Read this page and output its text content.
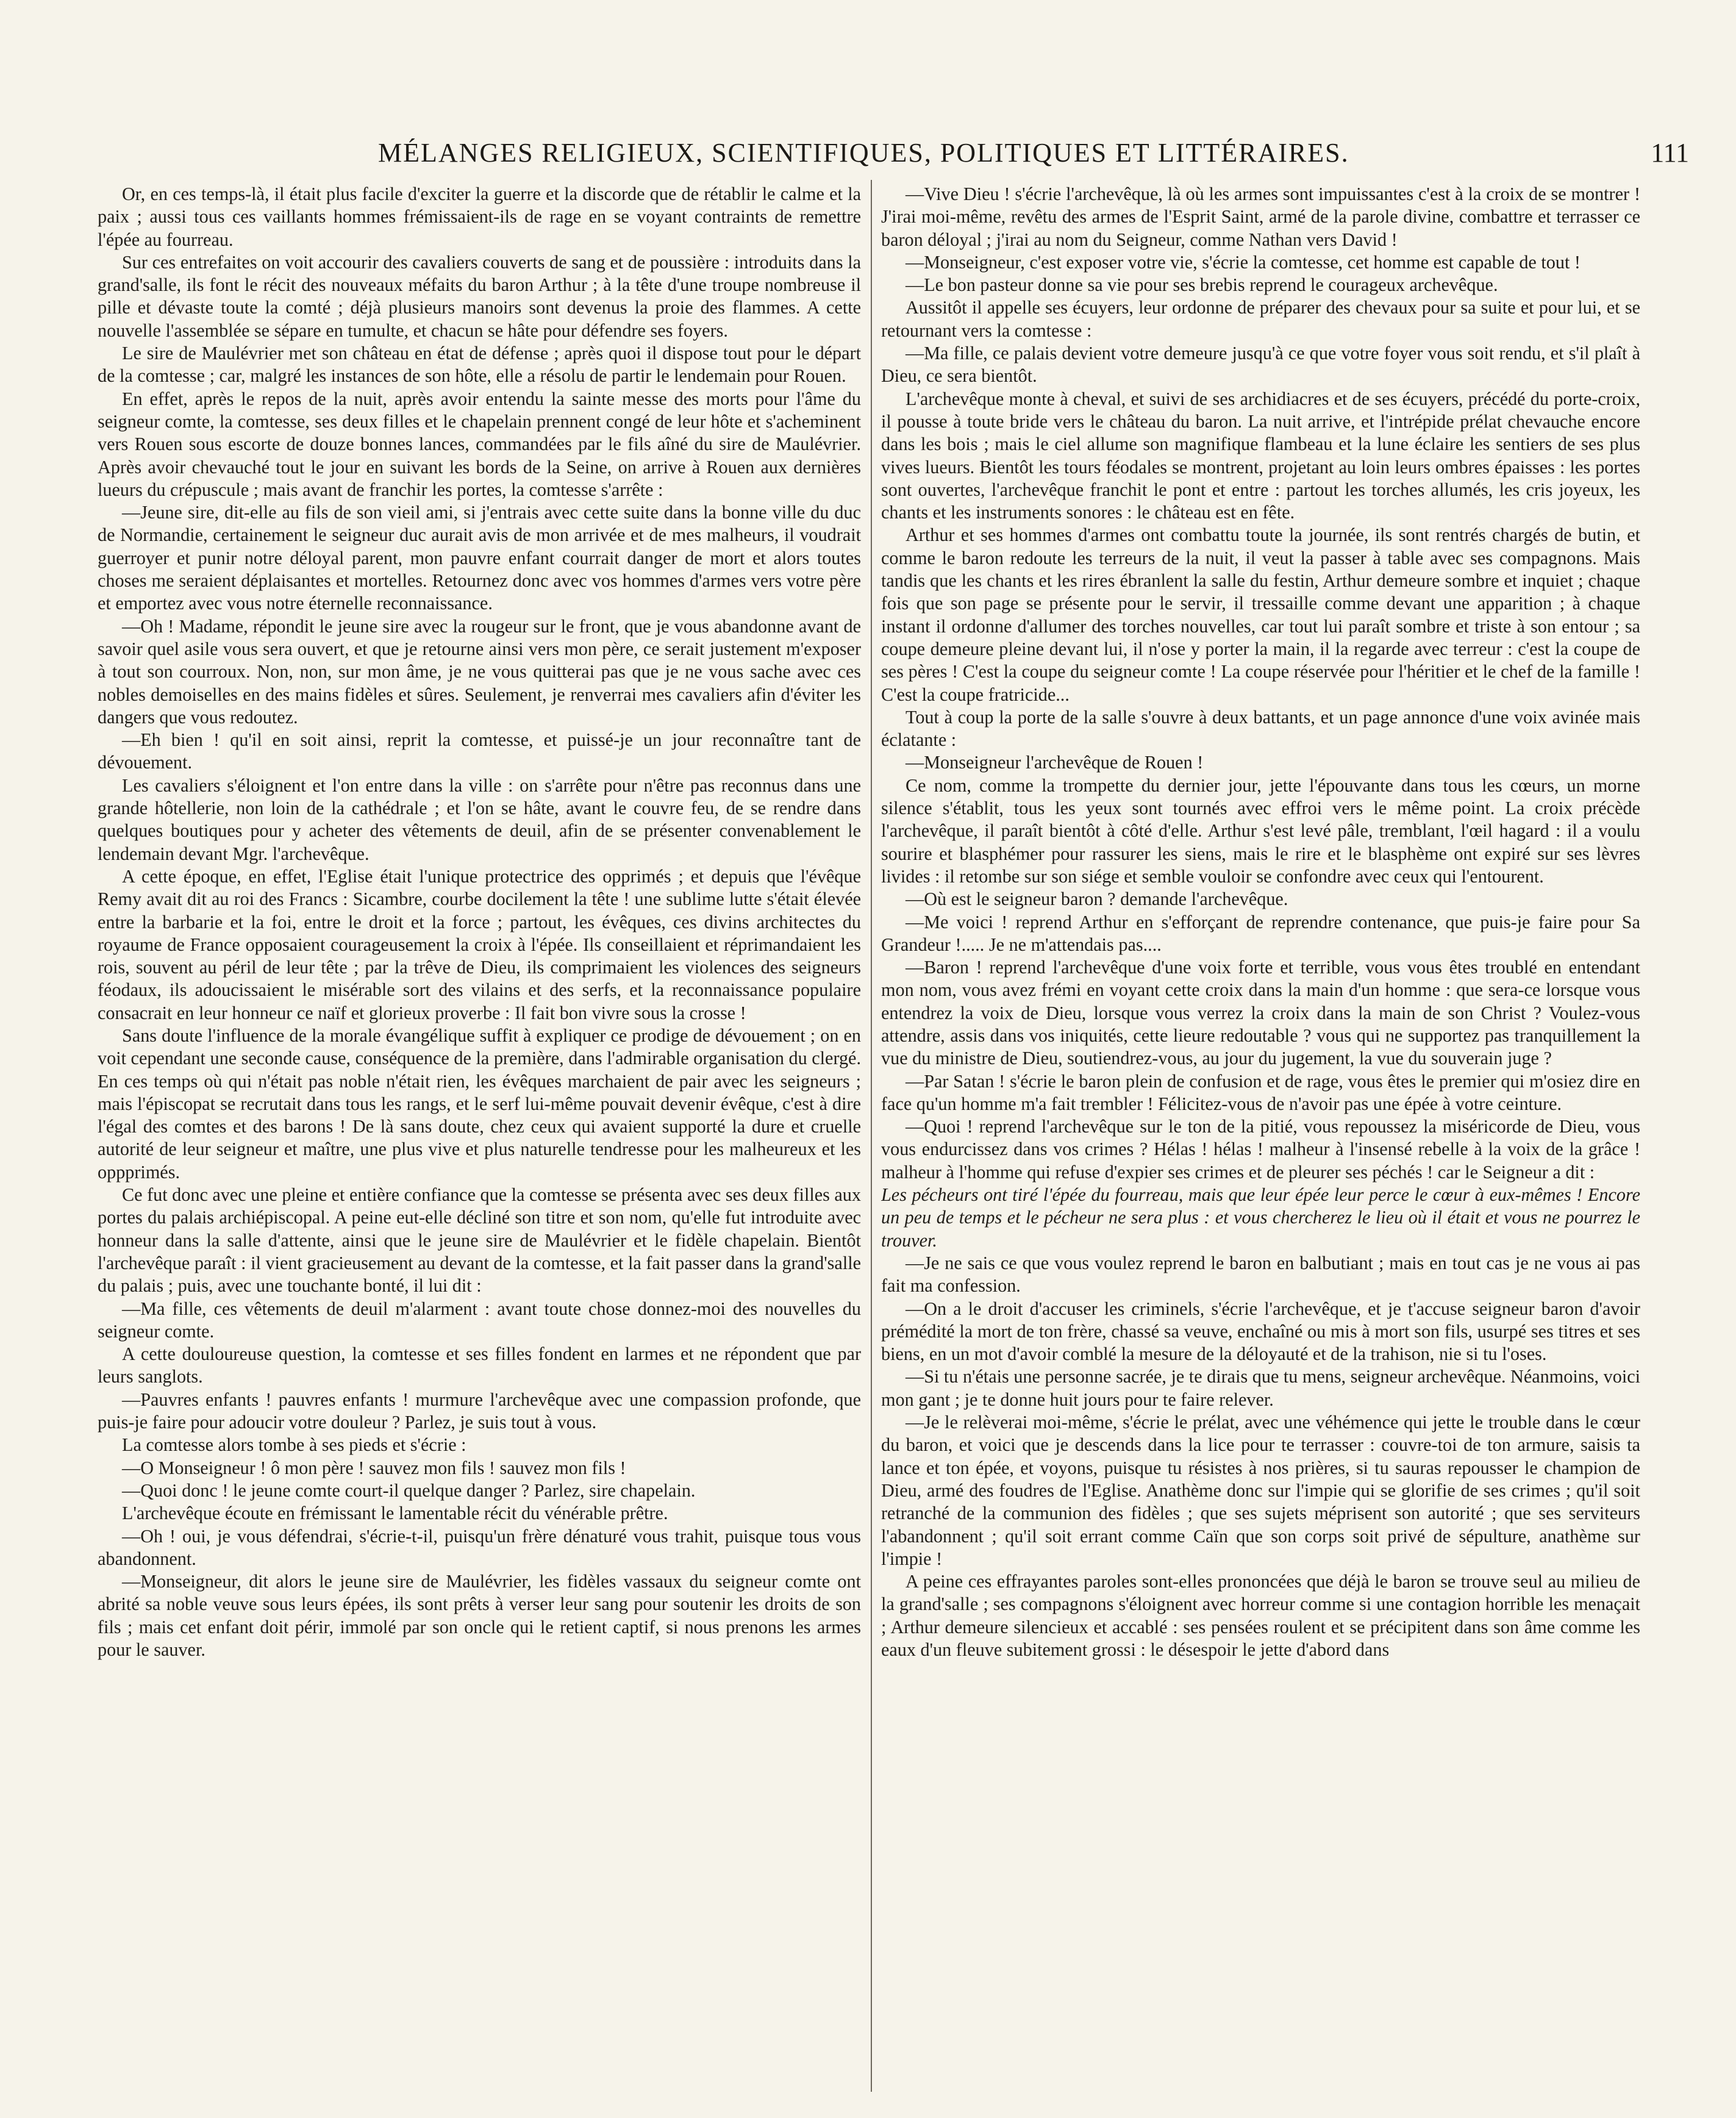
MÉLANGES RELIGIEUX, SCIENTIFIQUES, POLITIQUES ET LITTÉRAIRES.	111

Or, en ces temps-là, il était plus facile d'exciter la guerre et la discorde que de rétablir le calme et la paix ; aussi tous ces vaillants hommes frémissaient-ils de rage en se voyant contraints de remettre l'épée au fourreau.

Sur ces entrefaites on voit accourir des cavaliers couverts de sang et de poussière : introduits dans la grand'salle, ils font le récit des nouveaux méfaits du baron Arthur ; à la tête d'une troupe nombreuse il pille et dévaste toute la comté ; déjà plusieurs manoirs sont devenus la proie des flammes. A cette nouvelle l'assemblée se sépare en tumulte, et chacun se hâte pour défendre ses foyers.

Le sire de Maulévrier met son château en état de défense ; après quoi il dispose tout pour le départ de la comtesse ; car, malgré les instances de son hôte, elle a résolu de partir le lendemain pour Rouen.

En effet, après le repos de la nuit, après avoir entendu la sainte messe des morts pour l'âme du seigneur comte, la comtesse, ses deux filles et le chapelain prennent congé de leur hôte et s'acheminent vers Rouen sous escorte de douze bonnes lances, commandées par le fils aîné du sire de Maulévrier. Après avoir chevauché tout le jour en suivant les bords de la Seine, on arrive à Rouen aux dernières lueurs du crépuscule ; mais avant de franchir les portes, la comtesse s'arrête :

—Jeune sire, dit-elle au fils de son vieil ami, si j'entrais avec cette suite dans la bonne ville du duc de Normandie, certainement le seigneur duc aurait avis de mon arrivée et de mes malheurs, il voudrait guerroyer et punir notre déloyal parent, mon pauvre enfant courrait danger de mort et alors toutes choses me seraient déplaisantes et mortelles. Retournez donc avec vos hommes d'armes vers votre père et emportez avec vous notre éternelle reconnaissance.

—Oh ! Madame, répondit le jeune sire avec la rougeur sur le front, que je vous abandonne avant de savoir quel asile vous sera ouvert, et que je retourne ainsi vers mon père, ce serait justement m'exposer à tout son courroux. Non, non, sur mon âme, je ne vous quitterai pas que je ne vous sache avec ces nobles demoiselles en des mains fidèles et sûres. Seulement, je renverrai mes cavaliers afin d'éviter les dangers que vous redoutez.

—Eh bien ! qu'il en soit ainsi, reprit la comtesse, et puissé-je un jour reconnaître tant de dévouement.

Les cavaliers s'éloignent et l'on entre dans la ville : on s'arrête pour n'être pas reconnus dans une grande hôtellerie, non loin de la cathédrale ; et l'on se hâte, avant le couvre feu, de se rendre dans quelques boutiques pour y acheter des vêtements de deuil, afin de se présenter convenablement le lendemain devant Mgr. l'archevêque.

A cette époque, en effet, l'Eglise était l'unique protectrice des opprimés ; et depuis que l'évêque Remy avait dit au roi des Francs : Sicambre, courbe docilement la tête ! une sublime lutte s'était élevée entre la barbarie et la foi, entre le droit et la force ; partout, les évêques, ces divins architectes du royaume de France opposaient courageusement la croix à l'épée. Ils conseillaient et réprimandaient les rois, souvent au péril de leur tête ; par la trêve de Dieu, ils comprimaient les violences des seigneurs féodaux, ils adoucissaient le misérable sort des vilains et des serfs, et la reconnaissance populaire consacrait en leur honneur ce naïf et glorieux proverbe : Il fait bon vivre sous la crosse !

Sans doute l'influence de la morale évangélique suffit à expliquer ce prodige de dévouement ; on en voit cependant une seconde cause, conséquence de la première, dans l'admirable organisation du clergé. En ces temps où qui n'était pas noble n'était rien, les évêques marchaient de pair avec les seigneurs ; mais l'épiscopat se recrutait dans tous les rangs, et le serf lui-même pouvait devenir évêque, c'est à dire l'égal des comtes et des barons ! De là sans doute, chez ceux qui avaient supporté la dure et cruelle autorité de leur seigneur et maître, une plus vive et plus naturelle tendresse pour les malheureux et les oppprimés.

Ce fut donc avec une pleine et entière confiance que la comtesse se présenta avec ses deux filles aux portes du palais archiépiscopal. A peine eut-elle décliné son titre et son nom, qu'elle fut introduite avec honneur dans la salle d'attente, ainsi que le jeune sire de Maulévrier et le fidèle chapelain. Bientôt l'archevêque paraît : il vient gracieusement au devant de la comtesse, et la fait passer dans la grand'salle du palais ; puis, avec une touchante bonté, il lui dit :

—Ma fille, ces vêtements de deuil m'alarment : avant toute chose donnez-moi des nouvelles du seigneur comte.

A cette douloureuse question, la comtesse et ses filles fondent en larmes et ne répondent que par leurs sanglots.

—Pauvres enfants ! pauvres enfants ! murmure l'archevêque avec une compassion profonde, que puis-je faire pour adoucir votre douleur ? Parlez, je suis tout à vous.

La comtesse alors tombe à ses pieds et s'écrie :

—O Monseigneur ! ô mon père ! sauvez mon fils ! sauvez mon fils !

—Quoi donc ! le jeune comte court-il quelque danger ? Parlez, sire chapelain.

L'archevêque écoute en frémissant le lamentable récit du vénérable prêtre.

—Oh ! oui, je vous défendrai, s'écrie-t-il, puisqu'un frère dénaturé vous trahit, puisque tous vous abandonnent.

—Monseigneur, dit alors le jeune sire de Maulévrier, les fidèles vassaux du seigneur comte ont abrité sa noble veuve sous leurs épées, ils sont prêts à verser leur sang pour soutenir les droits de son fils ; mais cet enfant doit périr, immolé par son oncle qui le retient captif, si nous prenons les armes pour le sauver.

—Vive Dieu ! s'écrie l'archevêque, là où les armes sont impuissantes c'est à la croix de se montrer ! J'irai moi-même, revêtu des armes de l'Esprit Saint, armé de la parole divine, combattre et terrasser ce baron déloyal ; j'irai au nom du Seigneur, comme Nathan vers David !

—Monseigneur, c'est exposer votre vie, s'écrie la comtesse, cet homme est capable de tout !

—Le bon pasteur donne sa vie pour ses brebis reprend le courageux archevêque.

Aussitôt il appelle ses écuyers, leur ordonne de préparer des chevaux pour sa suite et pour lui, et se retournant vers la comtesse :

—Ma fille, ce palais devient votre demeure jusqu'à ce que votre foyer vous soit rendu, et s'il plaît à Dieu, ce sera bientôt.

L'archevêque monte à cheval, et suivi de ses archidiacres et de ses écuyers, précédé du porte-croix, il pousse à toute bride vers le château du baron. La nuit arrive, et l'intrépide prélat chevauche encore dans les bois ; mais le ciel allume son magnifique flambeau et la lune éclaire les sentiers de ses plus vives lueurs. Bientôt les tours féodales se montrent, projetant au loin leurs ombres épaisses : les portes sont ouvertes, l'archevêque franchit le pont et entre : partout les torches allumés, les cris joyeux, les chants et les instruments sonores : le château est en fête.

Arthur et ses hommes d'armes ont combattu toute la journée, ils sont rentrés chargés de butin, et comme le baron redoute les terreurs de la nuit, il veut la passer à table avec ses compagnons. Mais tandis que les chants et les rires ébranlent la salle du festin, Arthur demeure sombre et inquiet ; chaque fois que son page se présente pour le servir, il tressaille comme devant une apparition ; à chaque instant il ordonne d'allumer des torches nouvelles, car tout lui paraît sombre et triste à son entour ; sa coupe demeure pleine devant lui, il n'ose y porter la main, il la regarde avec terreur : c'est la coupe de ses pères ! C'est la coupe du seigneur comte ! La coupe réservée pour l'héritier et le chef de la famille ! C'est la coupe fratricide...

Tout à coup la porte de la salle s'ouvre à deux battants, et un page annonce d'une voix avinée mais éclatante :

—Monseigneur l'archevêque de Rouen !

Ce nom, comme la trompette du dernier jour, jette l'épouvante dans tous les cœurs, un morne silence s'établit, tous les yeux sont tournés avec effroi vers le même point. La croix précède l'archevêque, il paraît bientôt à côté d'elle. Arthur s'est levé pâle, tremblant, l'œil hagard : il a voulu sourire et blasphémer pour rassurer les siens, mais le rire et le blasphème ont expiré sur ses lèvres livides : il retombe sur son siége et semble vouloir se confondre avec ceux qui l'entourent.

—Où est le seigneur baron ? demande l'archevêque.

—Me voici ! reprend Arthur en s'efforçant de reprendre contenance, que puis-je faire pour Sa Grandeur !..... Je ne m'attendais pas....

—Baron ! reprend l'archevêque d'une voix forte et terrible, vous vous êtes troublé en entendant mon nom, vous avez frémi en voyant cette croix dans la main d'un homme : que sera-ce lorsque vous entendrez la voix de Dieu, lorsque vous verrez la croix dans la main de son Christ ? Voulez-vous attendre, assis dans vos iniquités, cette lieure redoutable ? vous qui ne supportez pas tranquillement la vue du ministre de Dieu, soutiendrez-vous, au jour du jugement, la vue du souverain juge ?

—Par Satan ! s'écrie le baron plein de confusion et de rage, vous êtes le premier qui m'osiez dire en face qu'un homme m'a fait trembler ! Félicitez-vous de n'avoir pas une épée à votre ceinture.

—Quoi ! reprend l'archevêque sur le ton de la pitié, vous repoussez la miséricorde de Dieu, vous vous endurcissez dans vos crimes ? Hélas ! hélas ! malheur à l'insensé rebelle à la voix de la grâce ! malheur à l'homme qui refuse d'expier ses crimes et de pleurer ses péchés ! car le Seigneur a dit :

Les pécheurs ont tiré l'épée du fourreau, mais que leur épée leur perce le cœur à eux-mêmes ! Encore un peu de temps et le pécheur ne sera plus : et vous chercherez le lieu où il était et vous ne pourrez le trouver.

—Je ne sais ce que vous voulez reprend le baron en balbutiant ; mais en tout cas je ne vous ai pas fait ma confession.

—On a le droit d'accuser les criminels, s'écrie l'archevêque, et je t'accuse seigneur baron d'avoir prémédité la mort de ton frère, chassé sa veuve, enchaîné ou mis à mort son fils, usurpé ses titres et ses biens, en un mot d'avoir comblé la mesure de la déloyauté et de la trahison, nie si tu l'oses.

—Si tu n'étais une personne sacrée, je te dirais que tu mens, seigneur archevêque. Néanmoins, voici mon gant ; je te donne huit jours pour te faire relever.

—Je le relèverai moi-même, s'écrie le prélat, avec une véhémence qui jette le trouble dans le cœur du baron, et voici que je descends dans la lice pour te terrasser : couvre-toi de ton armure, saisis ta lance et ton épée, et voyons, puisque tu résistes à nos prières, si tu sauras repousser le champion de Dieu, armé des foudres de l'Eglise. Anathème donc sur l'impie qui se glorifie de ses crimes ; qu'il soit retranché de la communion des fidèles ; que ses sujets méprisent son autorité ; que ses serviteurs l'abandonnent ; qu'il soit errant comme Caïn que son corps soit privé de sépulture, anathème sur l'impie !

A peine ces effrayantes paroles sont-elles prononcées que déjà le baron se trouve seul au milieu de la grand'salle ; ses compagnons s'éloignent avec horreur comme si une contagion horrible les menaçait ; Arthur demeure silencieux et accablé : ses pensées roulent et se précipitent dans son âme comme les eaux d'un fleuve subitement grossi : le désespoir le jette d'abord dans
